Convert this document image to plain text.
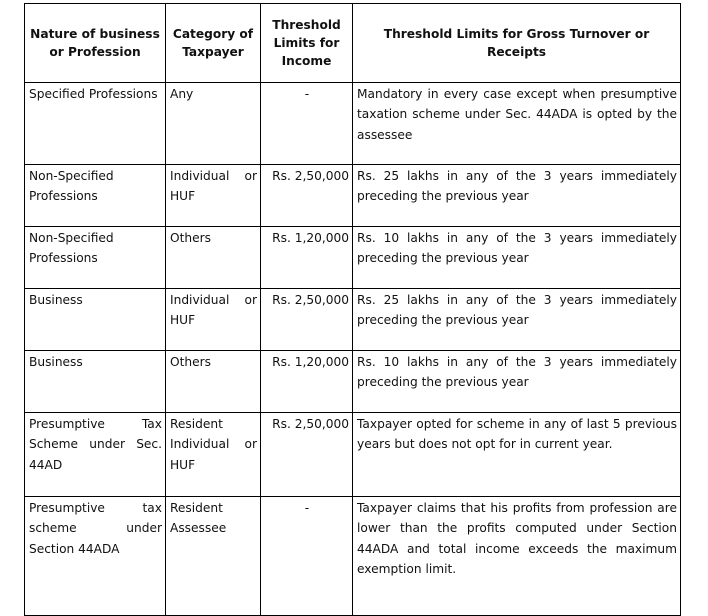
Nature of business or Profession	Category of Taxpayer	Threshold Limits for Income	Threshold Limits for Gross Turnover or Receipts
Specified Professions	Any	-	Mandatory in every case except when presumptive taxation scheme under Sec. 44ADA is opted by the assessee
Non-Specified Professions	Individual or HUF	Rs. 2,50,000	Rs. 25 lakhs in any of the 3 years immediately preceding the previous year
Non-Specified Professions	Others	Rs. 1,20,000	Rs. 10 lakhs in any of the 3 years immediately preceding the previous year
Business	Individual or HUF	Rs. 2,50,000	Rs. 25 lakhs in any of the 3 years immediately preceding the previous year
Business	Others	Rs. 1,20,000	Rs. 10 lakhs in any of the 3 years immediately preceding the previous year
Presumptive Tax Scheme under Sec. 44AD	Resident Individual or HUF	Rs. 2,50,000	Taxpayer opted for scheme in any of last 5 previous years but does not opt for in current year.
Presumptive tax scheme under Section 44ADA	Resident Assessee	-	Taxpayer claims that his profits from profession are lower than the profits computed under Section 44ADA and total income exceeds the maximum exemption limit.
